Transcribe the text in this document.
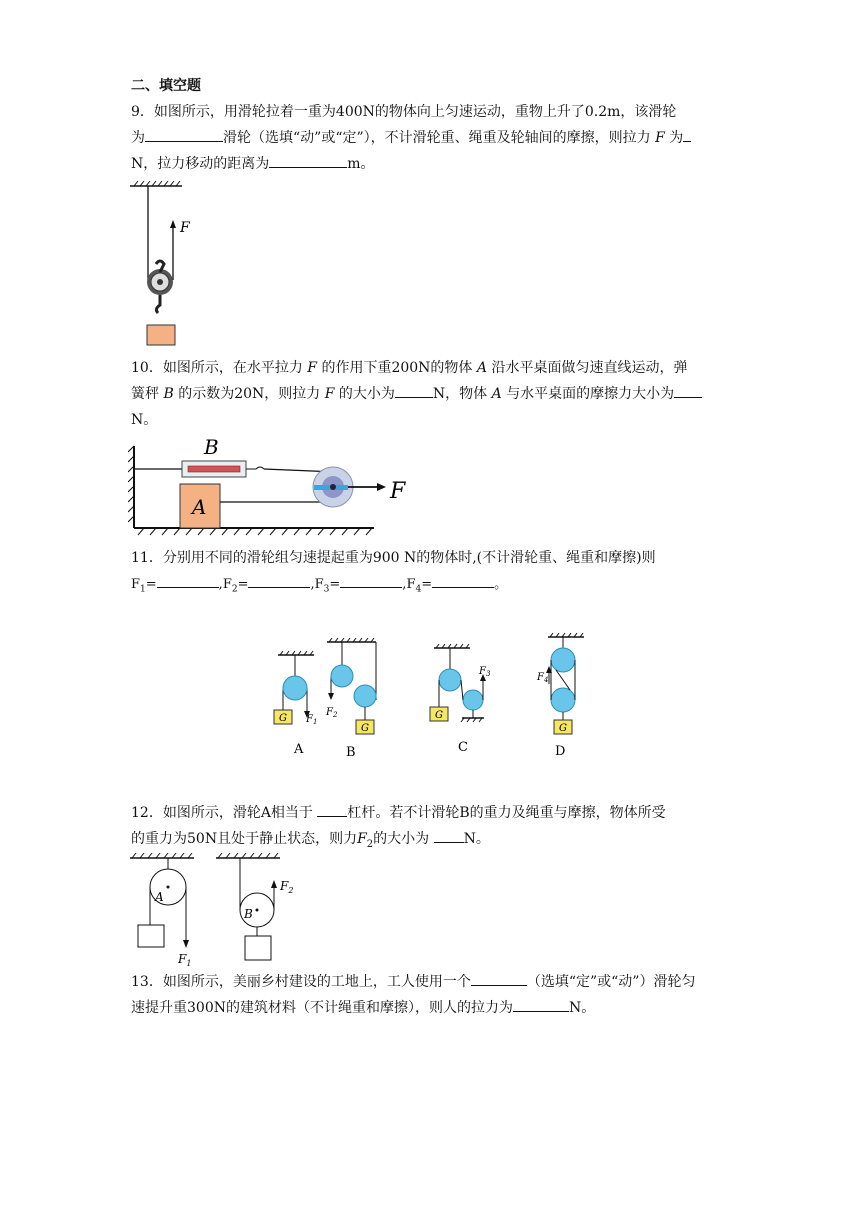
二、填空题
9．如图所示，用滑轮拉着一重为400N的物体向上匀速运动，重物上升了0.2m，该滑轮
为	滑轮（选填“动”或“定”），不计滑轮重、绳重及轮轴间的摩擦，则拉力 F 为
N，拉力移动的距离为	m。
F
10．如图所示，在水平拉力 F 的作用下重200N的物体 A 沿水平桌面做匀速直线运动，弹
簧秤 B 的示数为20N，则拉力 F 的大小为	N，物体 A 与水平桌面的摩擦力大小为
N。
B
A
F
11．分别用不同的滑轮组匀速提起重为900 N的物体时,(不计滑轮重、绳重和摩擦)则
$F_1=$	$,F_2=$	$,F_3=$	$,F_4=$	。
G $F_1$
A
G
$F_2$
B
G
$F_3$
C
G
$F_4$
D
12．如图所示，滑轮A相当于 杠杆。若不计滑轮B的重力及绳重与摩擦，物体所受
的重力为50N且处于静止状态，则力$F_2$的大小为 N。
A
$F_1$
B
$F_2$
13．如图所示，美丽乡村建设的工地上，工人使用一个	（选填“定”或“动”）滑轮匀
速提升重300N的建筑材料（不计绳重和摩擦），则人的拉力为	N。
